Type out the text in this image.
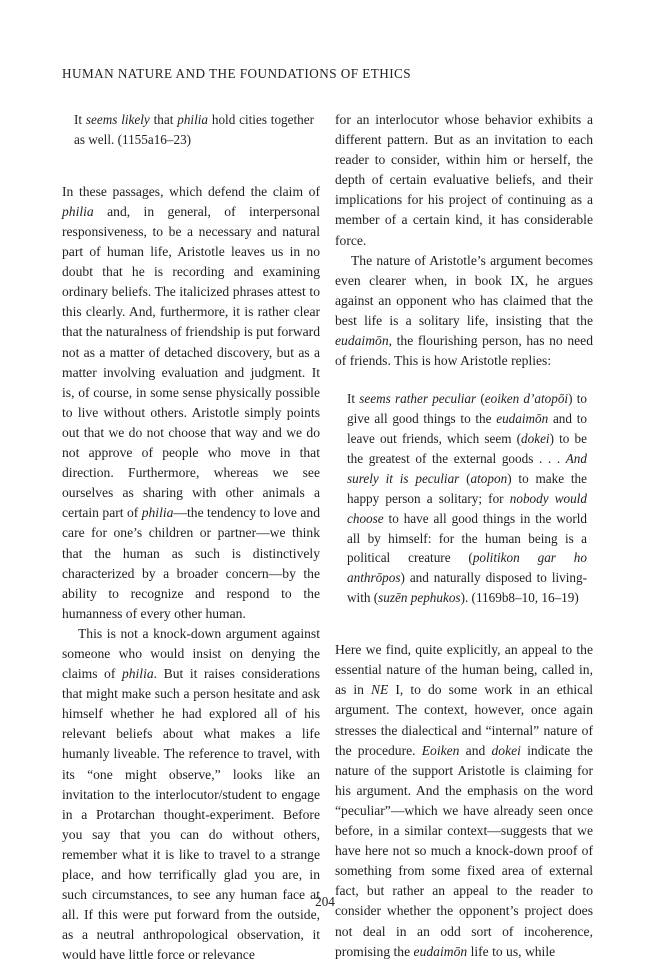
HUMAN NATURE AND THE FOUNDATIONS OF ETHICS

It seems likely that philia hold cities together as well. (1155a16–23)

In these passages, which defend the claim of philia and, in general, of interpersonal responsiveness, to be a necessary and natural part of human life, Aristotle leaves us in no doubt that he is recording and examining ordinary beliefs. The italicized phrases attest to this clearly. And, furthermore, it is rather clear that the naturalness of friendship is put forward not as a matter of detached discovery, but as a matter involving evaluation and judgment. It is, of course, in some sense physically possible to live without others. Aristotle simply points out that we do not choose that way and we do not approve of people who move in that direction. Furthermore, whereas we see ourselves as sharing with other animals a certain part of philia—the tendency to love and care for one’s children or partner—we think that the human as such is distinctively characterized by a broader concern—by the ability to recognize and respond to the humanness of every other human.

This is not a knock-down argument against someone who would insist on denying the claims of philia. But it raises considerations that might make such a person hesitate and ask himself whether he had explored all of his relevant beliefs about what makes a life humanly liveable. The reference to travel, with its “one might observe,” looks like an invitation to the interlocutor/student to engage in a Protarchan thought-experiment. Before you say that you can do without others, remember what it is like to travel to a strange place, and how terrifically glad you are, in such circumstances, to see any human face at all. If this were put forward from the outside, as a neutral anthropological observation, it would have little force or relevance

for an interlocutor whose behavior exhibits a different pattern. But as an invitation to each reader to consider, within him or herself, the depth of certain evaluative beliefs, and their implications for his project of continuing as a member of a certain kind, it has considerable force.

The nature of Aristotle’s argument becomes even clearer when, in book IX, he argues against an opponent who has claimed that the best life is a solitary life, insisting that the eudaimōn, the flourishing person, has no need of friends. This is how Aristotle replies:

It seems rather peculiar (eoiken d’atopōi) to give all good things to the eudaimōn and to leave out friends, which seem (dokei) to be the greatest of the external goods . . . And surely it is peculiar (atopon) to make the happy person a solitary; for nobody would choose to have all good things in the world all by himself: for the human being is a political creature (politikon gar ho anthrōpos) and naturally disposed to living-with (suzēn pephukos). (1169b8–10, 16–19)

Here we find, quite explicitly, an appeal to the essential nature of the human being, called in, as in NE I, to do some work in an ethical argument. The context, however, once again stresses the dialectical and “internal” nature of the procedure. Eoiken and dokei indicate the nature of the support Aristotle is claiming for his argument. And the emphasis on the word “peculiar”—which we have already seen once before, in a similar context—suggests that we have here not so much a knock-down proof of something from some fixed area of external fact, but rather an appeal to the reader to consider whether the opponent’s project does not deal in an odd sort of incoherence, promising the eudaimōn life to us, while

204
